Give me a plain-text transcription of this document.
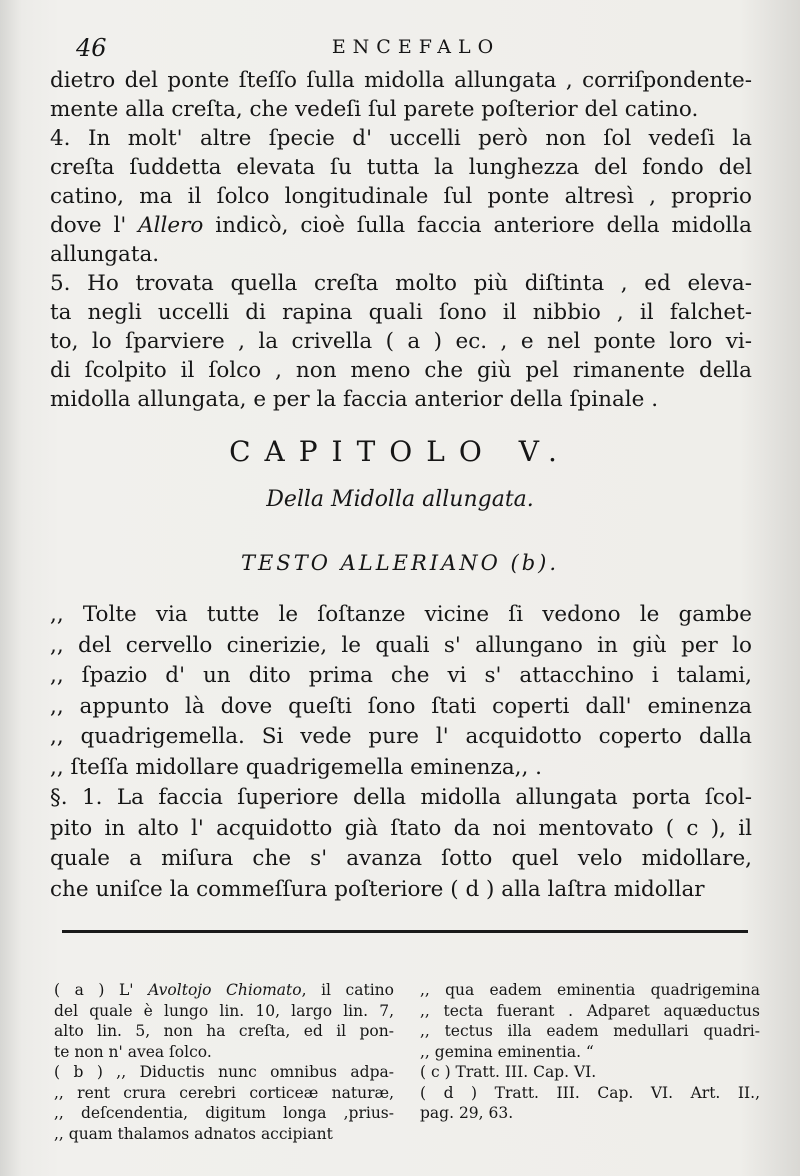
46	ENCEFALO
dietro del ponte ſteſſo ſulla midolla allungata , corriſpondente-
mente alla creſta, che vedeſi ſul parete poſterior del catino.
4. In molt' altre ſpecie d' uccelli però non ſol vedeſi la
creſta ſuddetta elevata ſu tutta la lunghezza del fondo del
catino, ma il ſolco longitudinale ſul ponte altresì , proprio
dove l' Allero indicò, cioè ſulla faccia anteriore della midolla
allungata.
5. Ho trovata quella creſta molto più diſtinta , ed eleva-
ta negli uccelli di rapina quali ſono il nibbio , il falchet-
to, lo ſparviere , la crivella ( a ) ec. , e nel ponte loro vi-
di ſcolpito il ſolco , non meno che giù pel rimanente della
midolla allungata, e per la faccia anterior della ſpinale .
CAPITOLO V.
Della Midolla allungata.
TESTO ALLERIANO (b).
,, Tolte via tutte le ſoſtanze vicine ſi vedono le gambe
,, del cervello cinerizie, le quali s' allungano in giù per lo
,, ſpazio d' un dito prima che vi s' attacchino i talami,
,, appunto là dove queſti ſono ſtati coperti dall' eminenza
,, quadrigemella. Si vede pure l' acquidotto coperto dalla
,, ſteſſa midollare quadrigemella eminenza,, .
§. 1. La faccia ſuperiore della midolla allungata porta ſcol-
pito in alto l' acquidotto già ſtato da noi mentovato ( c ), il
quale a miſura che s' avanza ſotto quel velo midollare,
che uniſce la commeſſura poſteriore ( d ) alla laſtra midollar
( a ) L' Avoltojo Chiomato, il catino
del quale è lungo lin. 10, largo lin. 7,
alto lin. 5, non ha creſta, ed il pon-
te non n' avea ſolco.
( b ) ,, Diductis nunc omnibus adpa-
,, rent crura cerebri corticeæ naturæ,
,, deſcendentia, digitum longa ,prius-
,, quam thalamos adnatos accipiant
,, qua eadem eminentia quadrigemina
,, tecta fuerant . Adparet aquæductus
,, tectus illa eadem medullari quadri-
,, gemina eminentia. “
( c ) Tratt. III. Cap. VI.
( d ) Tratt. III. Cap. VI. Art. II.,
pag. 29, 63.
